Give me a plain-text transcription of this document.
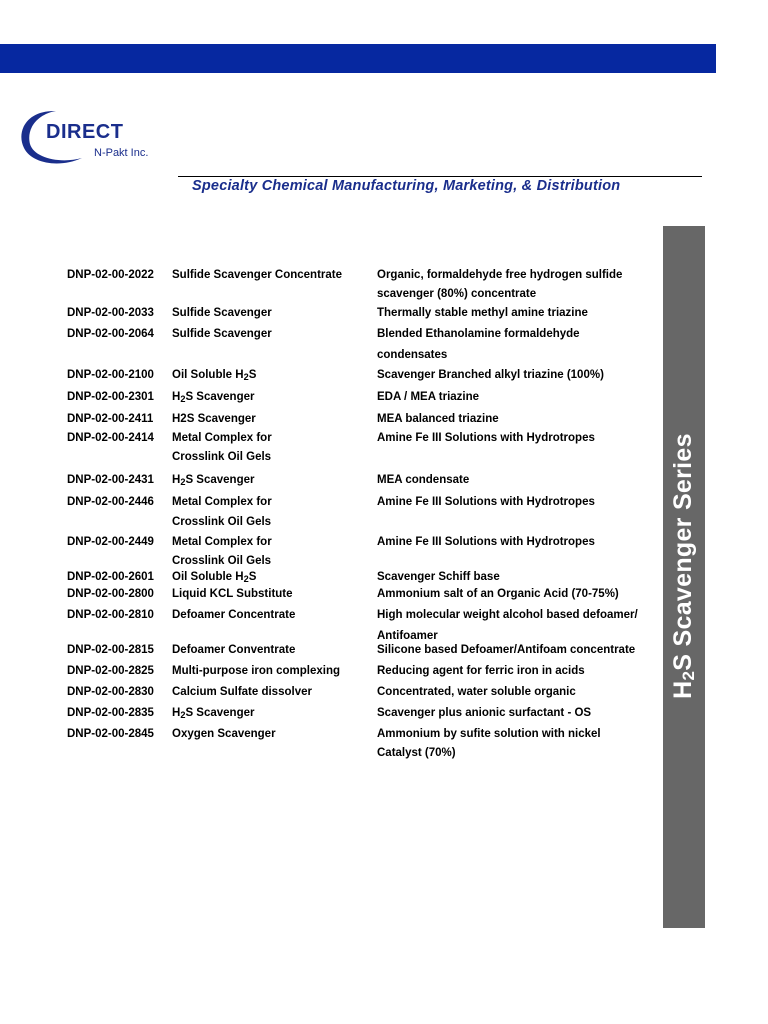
DIRECT
N-Pakt Inc.
Specialty Chemical Manufacturing, Marketing, & Distribution
H2S Scavenger Series
DNP-02-00-2022 Sulfide Scavenger Concentrate	Organic, formaldehyde free hydrogen sulfide
scavenger (80%) concentrate
DNP-02-00-2033 Sulfide Scavenger	Thermally stable methyl amine triazine
DNP-02-00-2064 Sulfide Scavenger	Blended Ethanolamine formaldehyde
condensates
DNP-02-00-2100 Oil Soluble $H_2S$	Scavenger Branched alkyl triazine (100%)
DNP-02-00-2301 $H_2S$ Scavenger	EDA / MEA triazine
DNP-02-00-2411 H2S Scavenger	MEA balanced triazine
DNP-02-00-2414 Metal Complex for	Amine Fe III Solutions with Hydrotropes
Crosslink Oil Gels
DNP-02-00-2431 $H_2S$ Scavenger	MEA condensate
DNP-02-00-2446 Metal Complex for	Amine Fe III Solutions with Hydrotropes
Crosslink Oil Gels
DNP-02-00-2449 Metal Complex for	Amine Fe III Solutions with Hydrotropes
Crosslink Oil Gels
DNP-02-00-2601 Oil Soluble $H_2S$	Scavenger Schiff base
DNP-02-00-2800 Liquid KCL Substitute	Ammonium salt of an Organic Acid (70-75%)
DNP-02-00-2810 Defoamer Concentrate	High molecular weight alcohol based defoamer/
Antifoamer
DNP-02-00-2815 Defoamer Conventrate	Silicone based Defoamer/Antifoam concentrate
DNP-02-00-2825 Multi-purpose iron complexing	Reducing agent for ferric iron in acids
DNP-02-00-2830 Calcium Sulfate dissolver	Concentrated, water soluble organic
DNP-02-00-2835 $H_2S$ Scavenger	Scavenger plus anionic surfactant - OS
DNP-02-00-2845 Oxygen Scavenger	Ammonium by sufite solution with nickel
Catalyst (70%)
